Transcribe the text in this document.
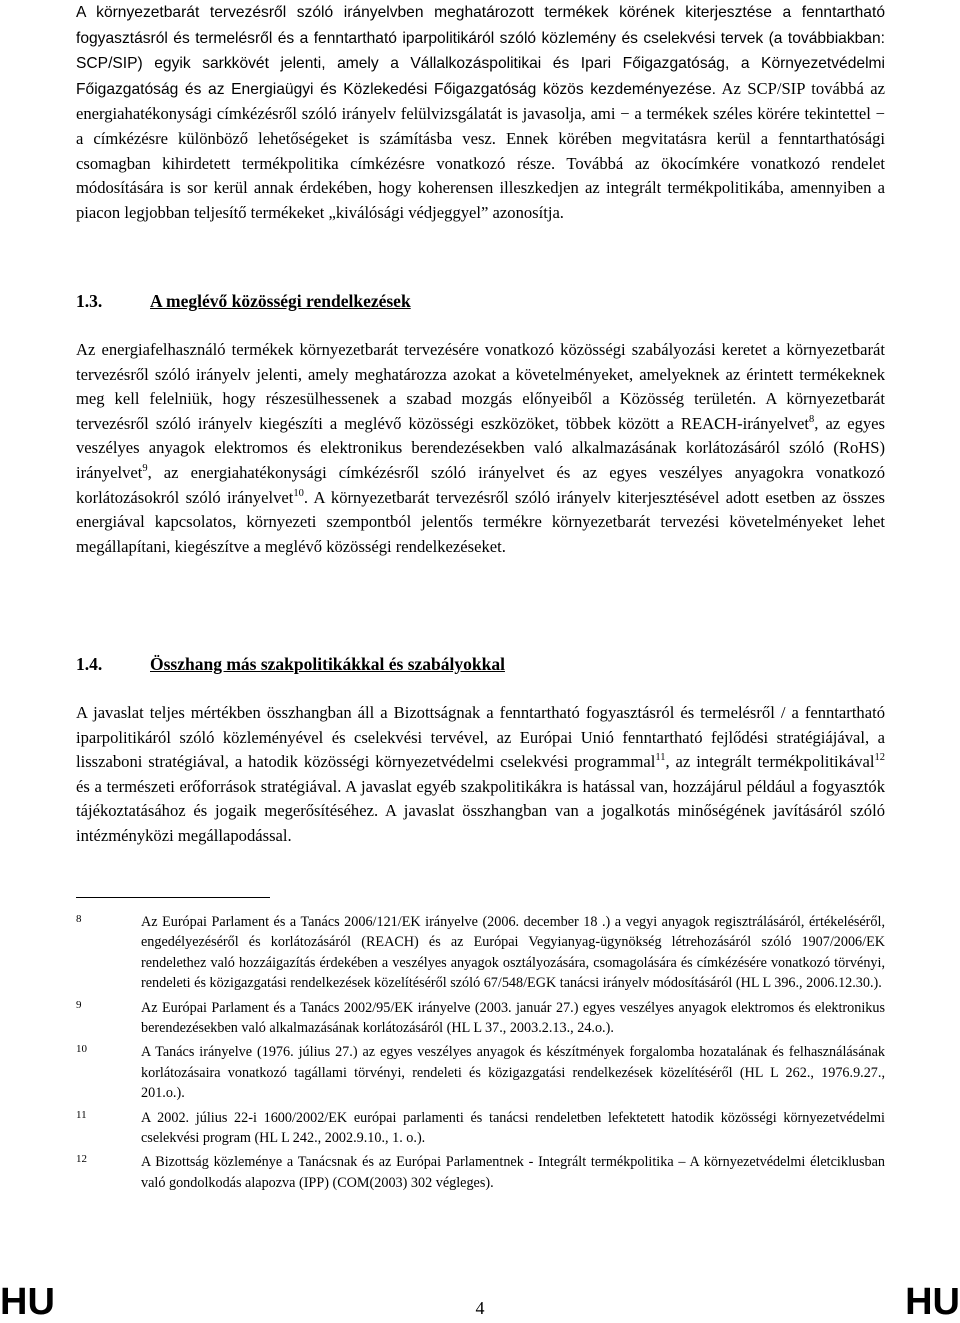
A környezetbarát tervezésről szóló irányelvben meghatározott termékek körének kiterjesztése a fenntartható fogyasztásról és termelésről és a fenntartható iparpolitikáról szóló közlemény és cselekvési tervek (a továbbiakban: SCP/SIP) egyik sarkkövét jelenti, amely a Vállalkozáspolitikai és Ipari Főigazgatóság, a Környezetvédelmi Főigazgatóság és az Energiaügyi és Közlekedési Főigazgatóság közös kezdeményezése. Az SCP/SIP továbbá az energiahatékonysági címkézésről szóló irányelv felülvizsgálatát is javasolja, ami − a termékek széles körére tekintettel − a címkézésre különböző lehetőségeket is számításba vesz. Ennek körében megvitatásra kerül a fenntarthatósági csomagban kihirdetett termékpolitika címkézésre vonatkozó része. Továbbá az ökocímkére vonatkozó rendelet módosítására is sor kerül annak érdekében, hogy koherensen illeszkedjen az integrált termékpolitikába, amennyiben a piacon legjobban teljesítő termékeket „kiválósági védjeggyel” azonosítja.

1.3.	A meglévő közösségi rendelkezések

Az energiafelhasználó termékek környezetbarát tervezésére vonatkozó közösségi szabályozási keretet a környezetbarát tervezésről szóló irányelv jelenti, amely meghatározza azokat a követelményeket, amelyeknek az érintett termékeknek meg kell felelniük, hogy részesülhessenek a szabad mozgás előnyeiből a Közösség területén. A környezetbarát tervezésről szóló irányelv kiegészíti a meglévő közösségi eszközöket, többek között a REACH-irányelvet$^8$, az egyes veszélyes anyagok elektromos és elektronikus berendezésekben való alkalmazásának korlátozásáról szóló (RoHS) irányelvet$^9$, az energiahatékonysági címkézésről szóló irányelvet és az egyes veszélyes anyagokra vonatkozó korlátozásokról szóló irányelvet$^{10}$. A környezetbarát tervezésről szóló irányelv kiterjesztésével adott esetben az összes energiával kapcsolatos, környezeti szempontból jelentős termékre környezetbarát tervezési követelményeket lehet megállapítani, kiegészítve a meglévő közösségi rendelkezéseket.

1.4.	Összhang más szakpolitikákkal és szabályokkal

A javaslat teljes mértékben összhangban áll a Bizottságnak a fenntartható fogyasztásról és termelésről / a fenntartható iparpolitikáról szóló közleményével és cselekvési tervével, az Európai Unió fenntartható fejlődési stratégiájával, a lisszaboni stratégiával, a hatodik közösségi környezetvédelmi cselekvési programmal$^{11}$, az integrált termékpolitikával$^{12}$ és a természeti erőforrások stratégiával. A javaslat egyéb szakpolitikákra is hatással van, hozzájárul például a fogyasztók tájékoztatásához és jogaik megerősítéséhez. A javaslat összhangban van a jogalkotás minőségének javításáról szóló intézményközi megállapodással.

8	Az Európai Parlament és a Tanács 2006/121/EK irányelve (2006. december 18 .) a vegyi anyagok regisztrálásáról, értékeléséről, engedélyezéséről és korlátozásáról (REACH) és az Európai Vegyianyag-ügynökség létrehozásáról szóló 1907/2006/EK rendelethez való hozzáigazítás érdekében a veszélyes anyagok osztályozására, csomagolására és címkézésére vonatkozó törvényi, rendeleti és közigazgatási rendelkezések közelítéséről szóló 67/548/EGK tanácsi irányelv módosításáról (HL L 396., 2006.12.30.).
9	Az Európai Parlament és a Tanács 2002/95/EK irányelve (2003. január 27.) egyes veszélyes anyagok elektromos és elektronikus berendezésekben való alkalmazásának korlátozásáról (HL L 37., 2003.2.13., 24.o.).
10	A Tanács irányelve (1976. július 27.) az egyes veszélyes anyagok és készítmények forgalomba hozatalának és felhasználásának korlátozásaira vonatkozó tagállami törvényi, rendeleti és közigazgatási rendelkezések közelítéséről (HL L 262., 1976.9.27., 201.o.).
11	A 2002. július 22-i 1600/2002/EK európai parlamenti és tanácsi rendeletben lefektetett hatodik közösségi környezetvédelmi cselekvési program (HL L 242., 2002.9.10., 1. o.).
12	A Bizottság közleménye a Tanácsnak és az Európai Parlamentnek - Integrált termékpolitika – A környezetvédelmi életciklusban való gondolkodás alapozva (IPP) (COM(2003) 302 végleges).
HU	4	HU
